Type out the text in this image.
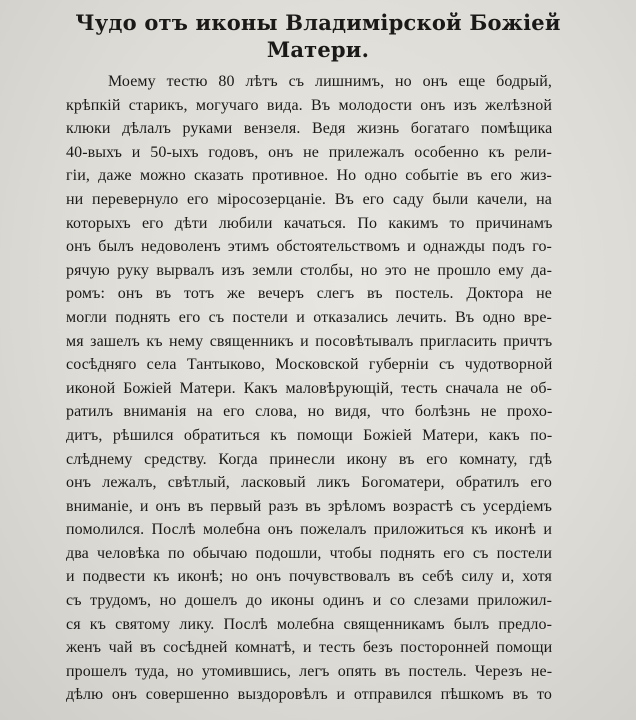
Чудо отъ иконы Владимірской Божіей
Матери.
Моему тестю 80 лѣтъ съ лишнимъ, но онъ еще бодрый,
крѣпкій старикъ, могучаго вида. Въ молодости онъ изъ желѣзной
клюки дѣлалъ руками вензеля. Ведя жизнь богатаго помѣщика
40-выхъ и 50-ыхъ годовъ, онъ не прилежалъ особенно къ рели-
гіи, даже можно сказать противное. Но одно событіе въ его жиз-
ни перевернуло его міросозерцаніе. Въ его саду были качели, на
которыхъ его дѣти любили качаться. По какимъ то причинамъ
онъ былъ недоволенъ этимъ обстоятельствомъ и однажды подъ го-
рячую руку вырвалъ изъ земли столбы, но это не прошло ему да-
ромъ: онъ въ тотъ же вечеръ слегъ въ постель. Доктора не
могли поднять его съ постели и отказались лечить. Въ одно вре-
мя зашелъ къ нему священникъ и посовѣтывалъ пригласить причтъ
сосѣдняго села Тантыково, Московской губерніи съ чудотворной
иконой Божіей Матери. Какъ маловѣрующій, тесть сначала не об-
ратилъ вниманія на его слова, но видя, что болѣзнь не прохо-
дитъ, рѣшился обратиться къ помощи Божіей Матери, какъ по-
слѣднему средству. Когда принесли икону въ его комнату, гдѣ
онъ лежалъ, свѣтлый, ласковый ликъ Богоматери, обратилъ его
вниманіе, и онъ въ первый разъ въ зрѣломъ возрастѣ съ усердіемъ
помолился. Послѣ молебна онъ пожелалъ приложиться къ иконѣ и
два человѣка по обычаю подошли, чтобы поднять его съ постели
и подвести къ иконѣ; но онъ почувствовалъ въ себѣ силу и, хотя
съ трудомъ, но дошелъ до иконы одинъ и со слезами приложил-
ся къ святому лику. Послѣ молебна священникамъ былъ предло-
женъ чай въ сосѣдней комнатѣ, и тесть безъ посторонней помощи
прошелъ туда, но утомившись, легъ опять въ постель. Черезъ не-
дѣлю онъ совершенно выздоровѣлъ и отправился пѣшкомъ въ то
